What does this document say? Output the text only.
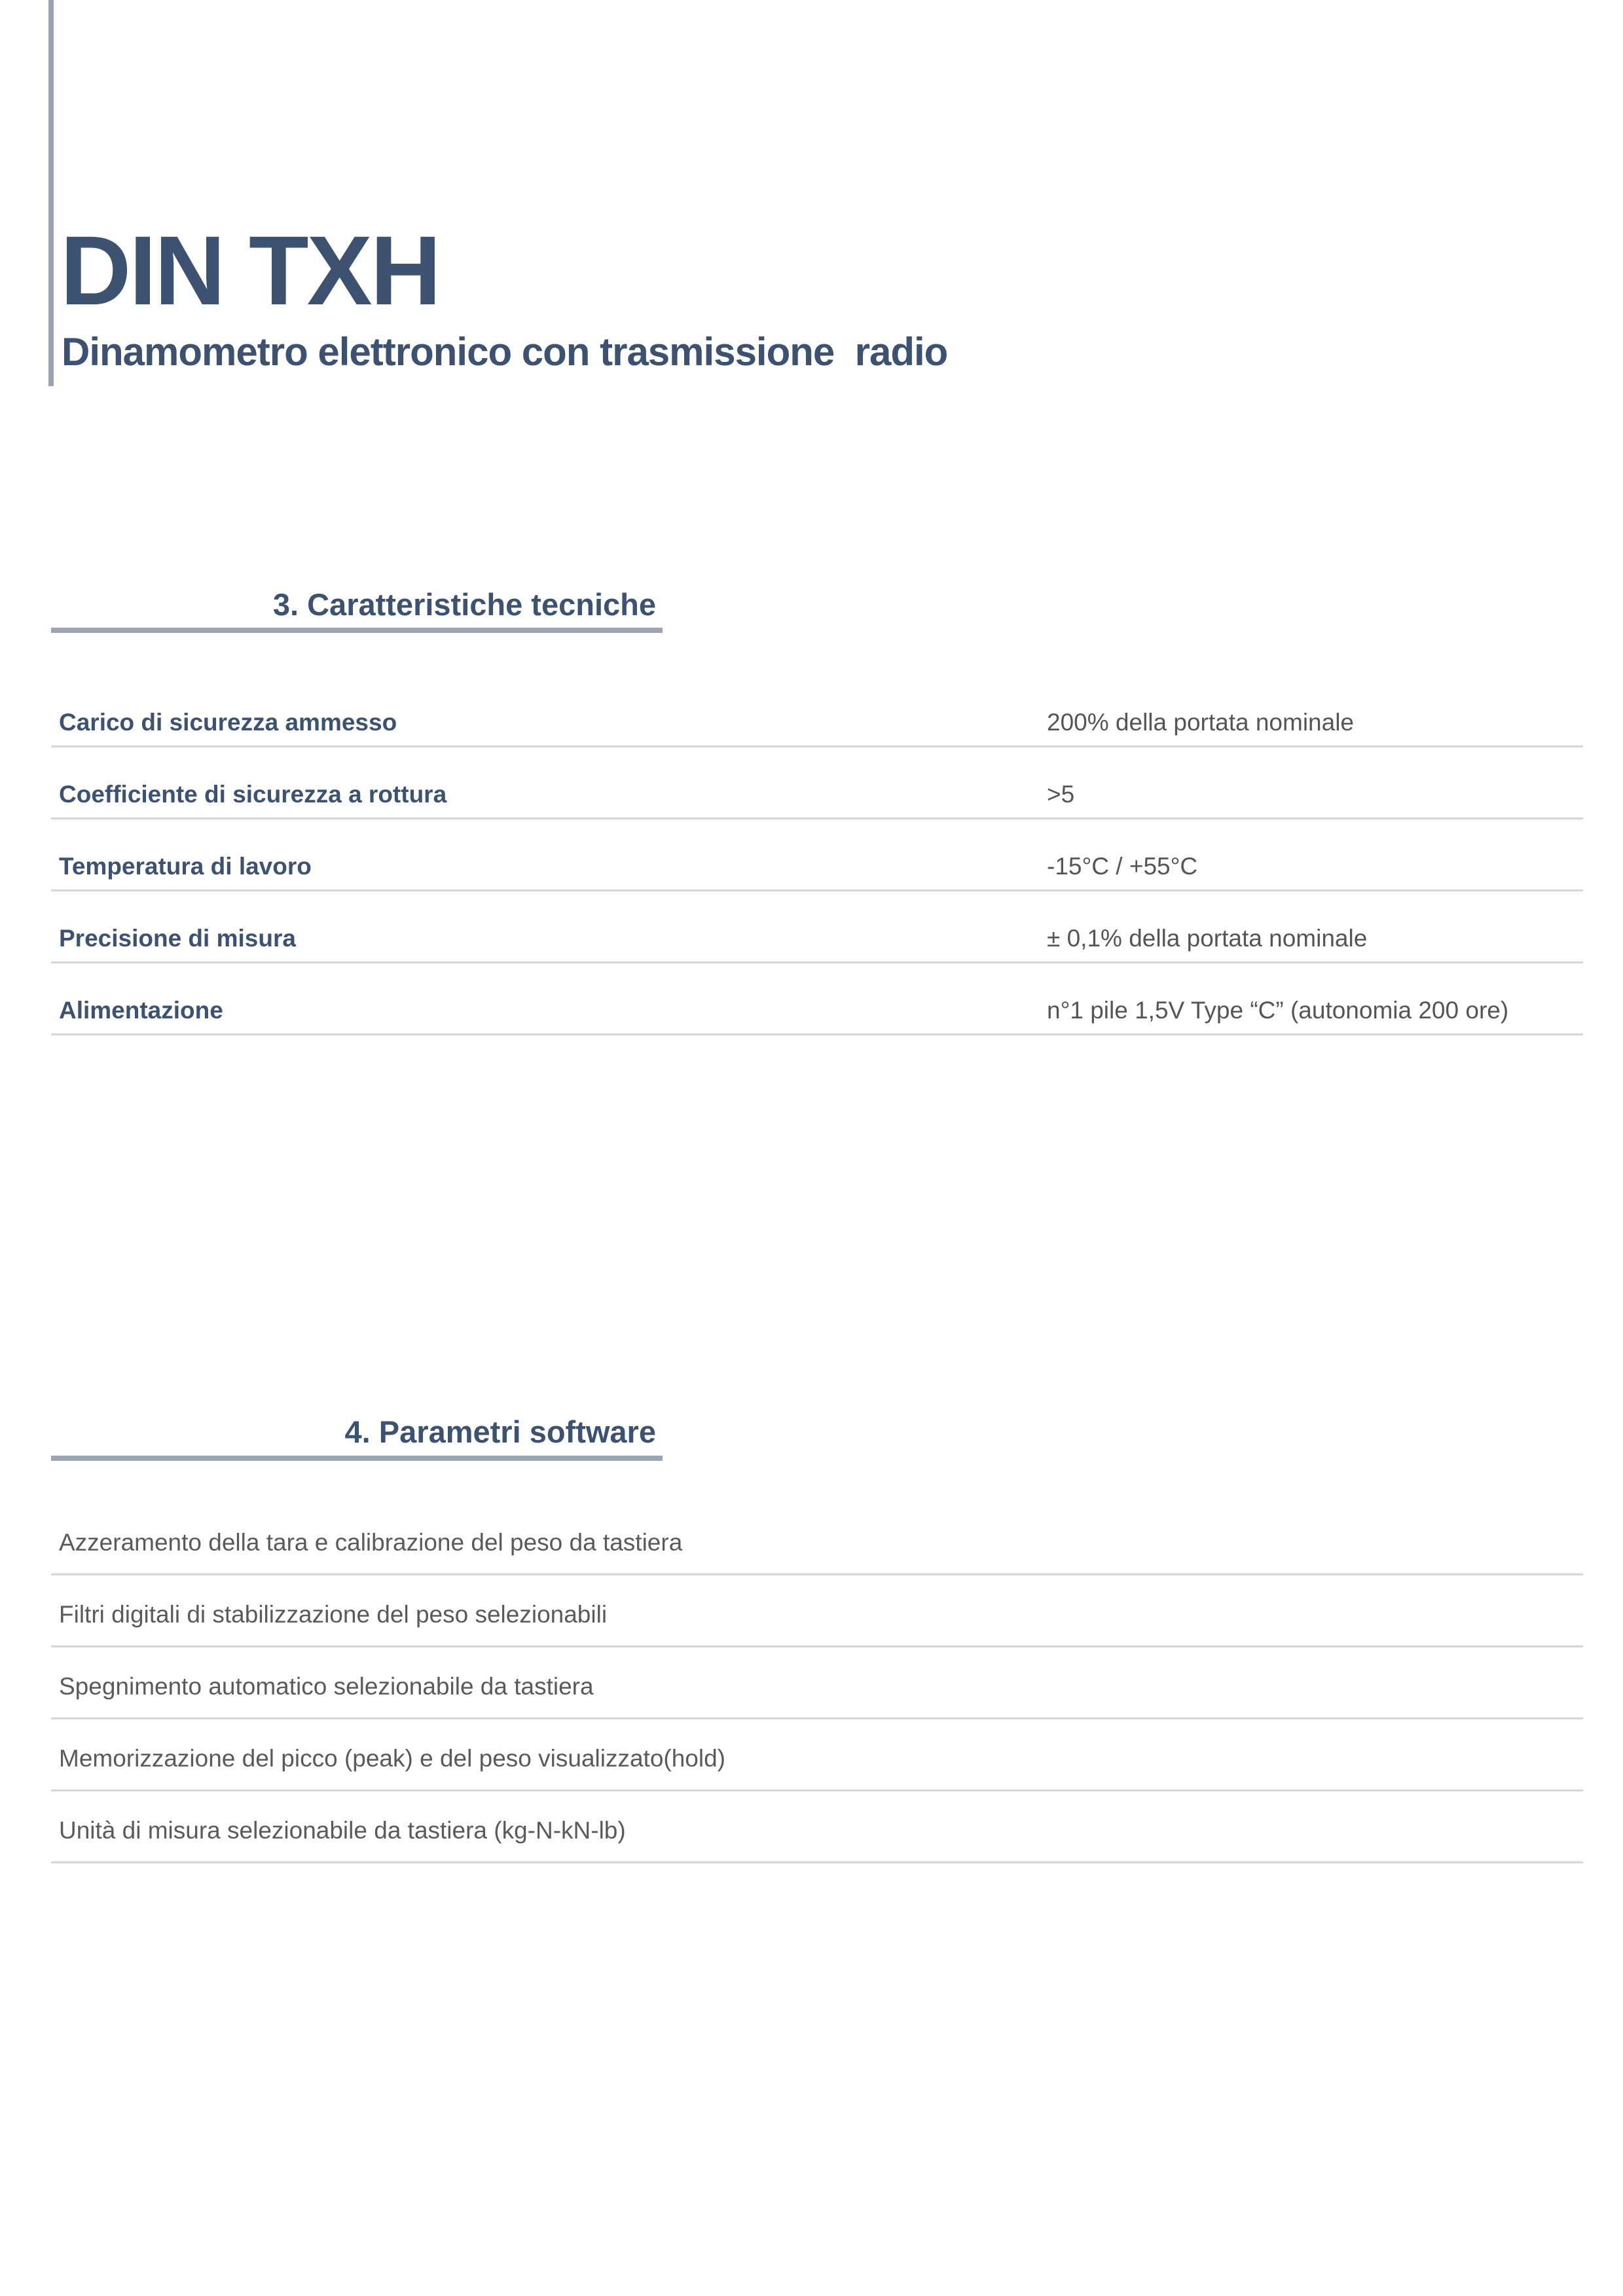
DIN TXH
Dinamometro elettronico con trasmissione  radio
3. Caratteristiche tecniche
Carico di sicurezza ammesso	200% della portata nominale
Coefficiente di sicurezza a rottura	>5
Temperatura di lavoro	-15°C / +55°C
Precisione di misura	± 0,1% della portata nominale
Alimentazione	n°1 pile 1,5V Type “C” (autonomia 200 ore)
4. Parametri software
Azzeramento della tara e calibrazione del peso da tastiera
Filtri digitali di stabilizzazione del peso selezionabili
Spegnimento automatico selezionabile da tastiera
Memorizzazione del picco (peak) e del peso visualizzato(hold)
Unità di misura selezionabile da tastiera (kg-N-kN-lb)
